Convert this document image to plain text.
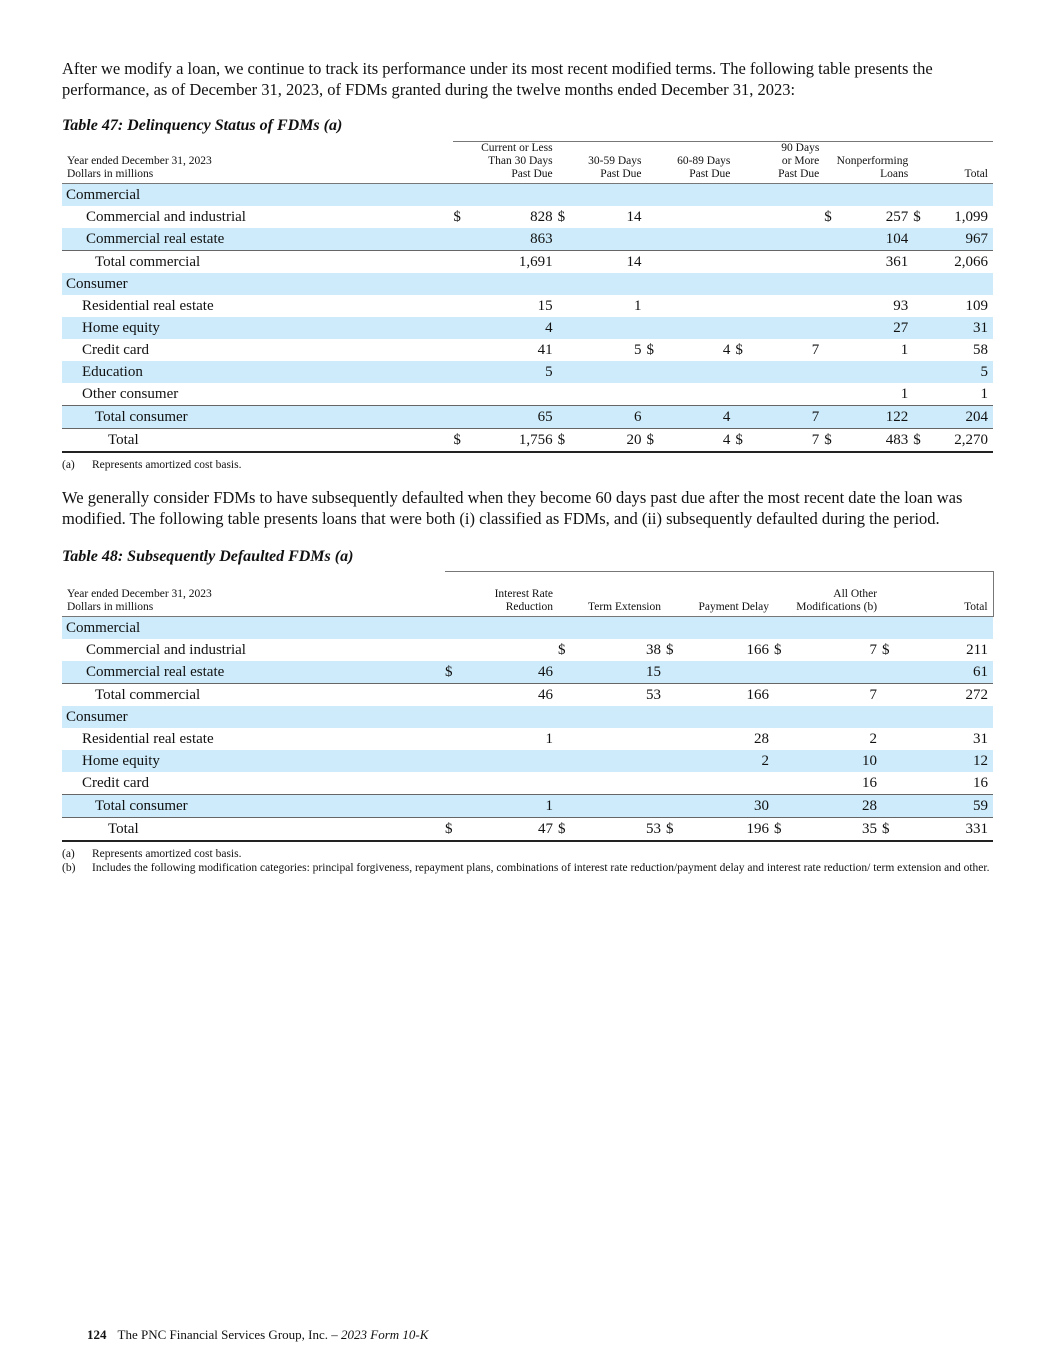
After we modify a loan, we continue to track its performance under its most recent modified terms. The following table presents the performance, as of December 31, 2023, of FDMs granted during the twelve months ended December 31, 2023:

Table 47: Delinquency Status of FDMs (a)

Year ended December 31, 2023
Dollars in millions	Current or Less
Than 30 Days
Past Due		30-59 Days
Past Due		60-89 Days
Past Due		90 Days
or More
Past Due		Nonperforming
Loans		Total	
Commercial												
Commercial and industrial	$	828	$	14					$	257	$	1,099
Commercial real estate		863								104		967
Total commercial		1,691		14						361		2,066
Consumer												
Residential real estate		15		1						93		109
Home equity		4								27		31
Credit card		41		5	$	4	$	7		1		58
Education		5										5
Other consumer										1		1
Total consumer		65		6		4		7		122		204
Total	$	1,756	$	20	$	4	$	7	$	483	$	2,270
(a)	Represents amortized cost basis.

We generally consider FDMs to have subsequently defaulted when they become 60 days past due after the most recent date the loan was modified. The following table presents loans that were both (i) classified as FDMs, and (ii) subsequently defaulted during the period.

Table 48: Subsequently Defaulted FDMs (a)

Year ended December 31, 2023
Dollars in millions	Interest Rate
Reduction		Term Extension		Payment Delay		All Other
Modifications (b)		Total	
Commercial										
Commercial and industrial			$	38	$	166	$	7	$	211
Commercial real estate	$	46		15						61
Total commercial		46		53		166		7		272
Consumer										
Residential real estate		1				28		2		31
Home equity						2		10		12
Credit card								16		16
Total consumer		1				30		28		59
Total	$	47	$	53	$	196	$	35	$	331
(a)	Represents amortized cost basis.
(b)	Includes the following modification categories: principal forgiveness, repayment plans, combinations of interest rate reduction/payment delay and interest rate reduction/ term extension and other.
124 The PNC Financial Services Group, Inc. – 2023 Form 10-K
